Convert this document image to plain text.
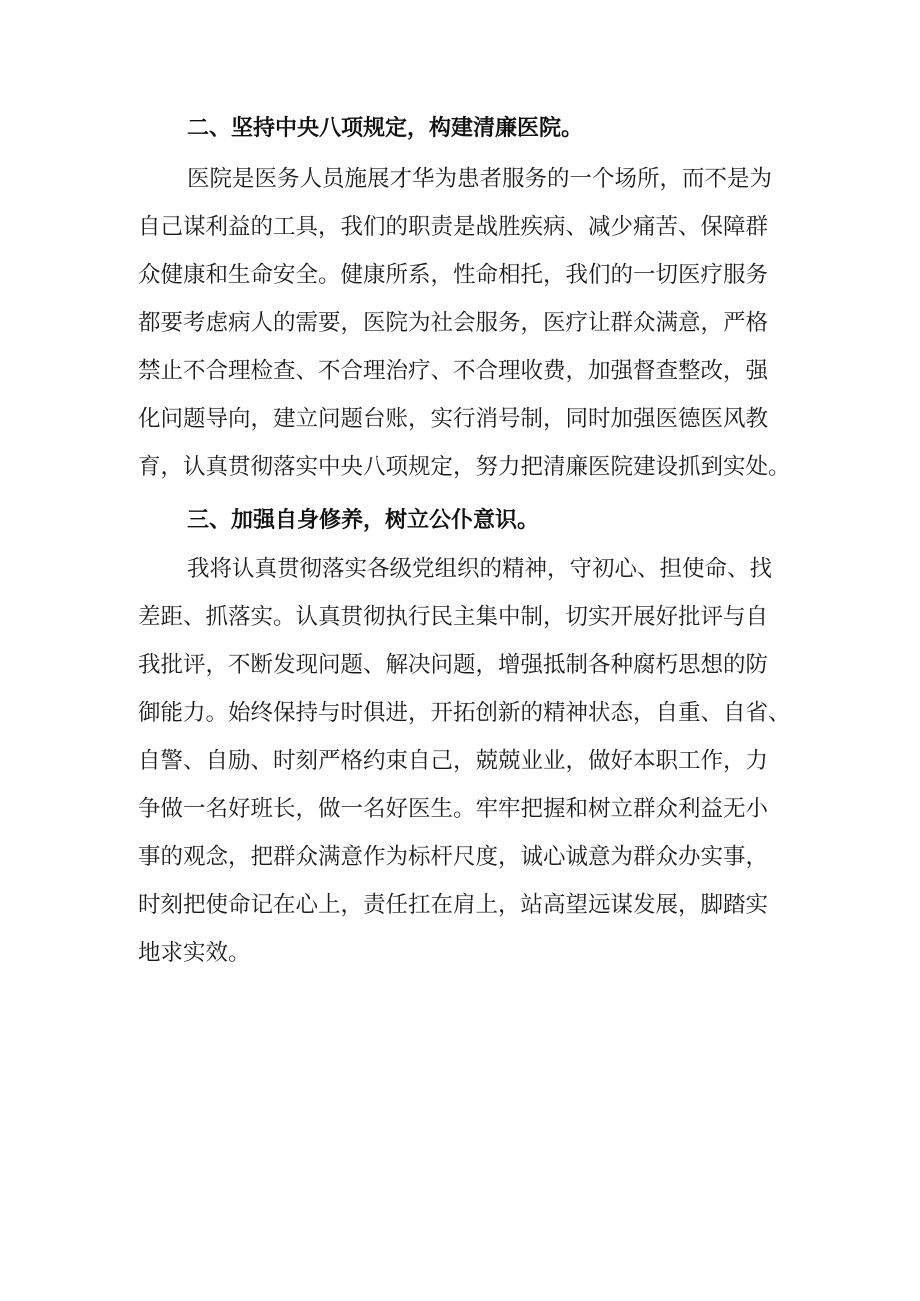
二、坚持中央八项规定，构建清廉医院。
医院是医务人员施展才华为患者服务的一个场所，而不是为
自己谋利益的工具，我们的职责是战胜疾病、减少痛苦、保障群
众健康和生命安全。健康所系，性命相托，我们的一切医疗服务
都要考虑病人的需要，医院为社会服务，医疗让群众满意，严格
禁止不合理检查、不合理治疗、不合理收费，加强督查整改，强
化问题导向，建立问题台账，实行消号制，同时加强医德医风教
育，认真贯彻落实中央八项规定，努力把清廉医院建设抓到实处。
三、加强自身修养，树立公仆意识。
我将认真贯彻落实各级党组织的精神，守初心、担使命、找
差距、抓落实。认真贯彻执行民主集中制，切实开展好批评与自
我批评，不断发现问题、解决问题，增强抵制各种腐朽思想的防
御能力。始终保持与时俱进，开拓创新的精神状态，自重、自省、
自警、自励、时刻严格约束自己，兢兢业业，做好本职工作，力
争做一名好班长，做一名好医生。牢牢把握和树立群众利益无小
事的观念，把群众满意作为标杆尺度，诚心诚意为群众办实事，
时刻把使命记在心上，责任扛在肩上，站高望远谋发展，脚踏实
地求实效。
